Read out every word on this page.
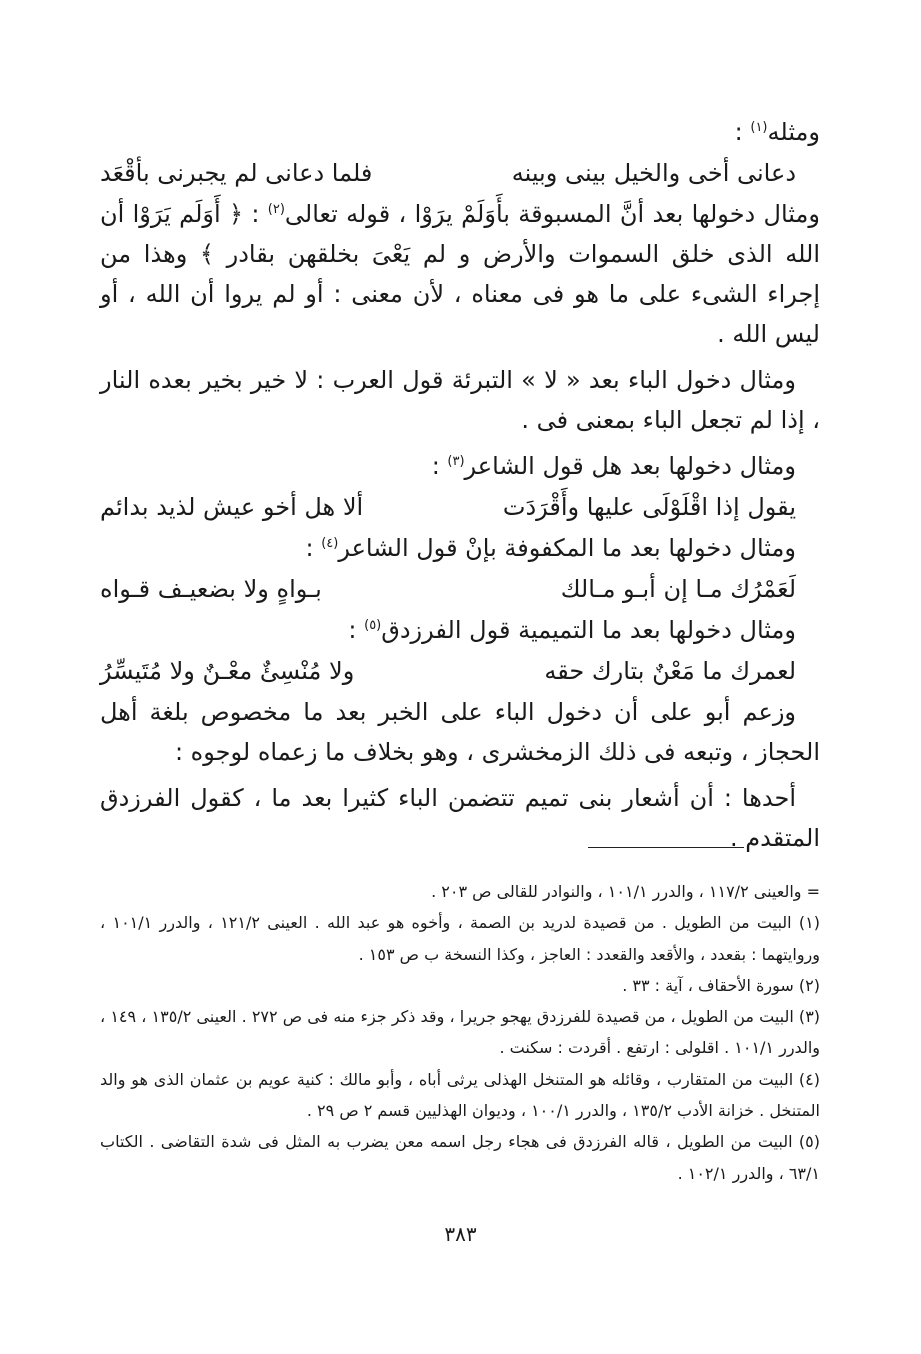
ومثله$^{(١)}$ :

دعانى أخى والخيل بينى وبينه
فلما دعانى لم يجبرنى بأقْعَد

ومثال دخولها بعد أنَّ المسبوقة بأَوَلَمْ يرَوْا ، قوله تعالى$^{(٢)}$ : ﴿ أَوَلَم يَرَوْا أن الله الذى خلق السموات والأرض و لم يَعْىَ بخلقهن بقادر ﴾ وهذا من إجراء الشىء على ما هو فى معناه ، لأن معنى : أو لم يروا أن الله ، أو ليس الله .

ومثال دخول الباء بعد « لا » التبرئة قول العرب : لا خير بخير بعده النار ، إذا لم تجعل الباء بمعنى فى .

ومثال دخولها بعد هل قول الشاعر$^{(٣)}$ :

يقول إذا اقْلَوْلَى عليها وأَقْرَدَت
ألا هل أخو عيش لذيد بدائم

ومثال دخولها بعد ما المكفوفة بإنْ قول الشاعر$^{(٤)}$ :

لَعَمْرُك مـا إن أبـو مـالك
بـواهٍ ولا بضعيـف قـواه

ومثال دخولها بعد ما التميمية قول الفرزدق$^{(٥)}$ :

لعمرك ما مَعْنٌ بتارك حقه
ولا مُنْسِئٌ معْـنٌ ولا مُتَيسِّرُ

وزعم أبو على أن دخول الباء على الخبر بعد ما مخصوص بلغة أهل الحجاز ، وتبعه فى ذلك الزمخشرى ، وهو بخلاف ما زعماه لوجوه :

أحدها : أن أشعار بنى تميم تتضمن الباء كثيرا بعد ما ، كقول الفرزدق المتقدم .

= والعينى ١١٧/٢ ، والدرر ١٠١/١ ، والنوادر للقالى ص ٢٠٣ .

(١) البيت من الطويل . من قصيدة لدريد بن الصمة ، وأخوه هو عبد الله . العينى ١٢١/٢ ، والدرر ١٠١/١ ، وروايتهما : بقعدد ، والأقعد والقعدد : العاجز ، وكذا النسخة ب ص ١٥٣ .

(٢) سورة الأحقاف ، آية : ٣٣ .

(٣) البيت من الطويل ، من قصيدة للفرزدق يهجو جريرا ، وقد ذكر جزء منه فى ص ٢٧٢ . العينى ١٣٥/٢ ، ١٤٩ ، والدرر ١٠١/١ . اقلولى : ارتفع . أقردت : سكنت .

(٤) البيت من المتقارب ، وقائله هو المتنخل الهذلى يرثى أباه ، وأبو مالك : كنية عويم بن عثمان الذى هو والد المتنخل . خزانة الأدب ١٣٥/٢ ، والدرر ١٠٠/١ ، وديوان الهذليين قسم ٢ ص ٢٩ .

(٥) البيت من الطويل ، قاله الفرزدق فى هجاء رجل اسمه معن يضرب به المثل فى شدة التقاضى . الكتاب ٦٣/١ ، والدرر ١٠٢/١ .

٣٨٣
